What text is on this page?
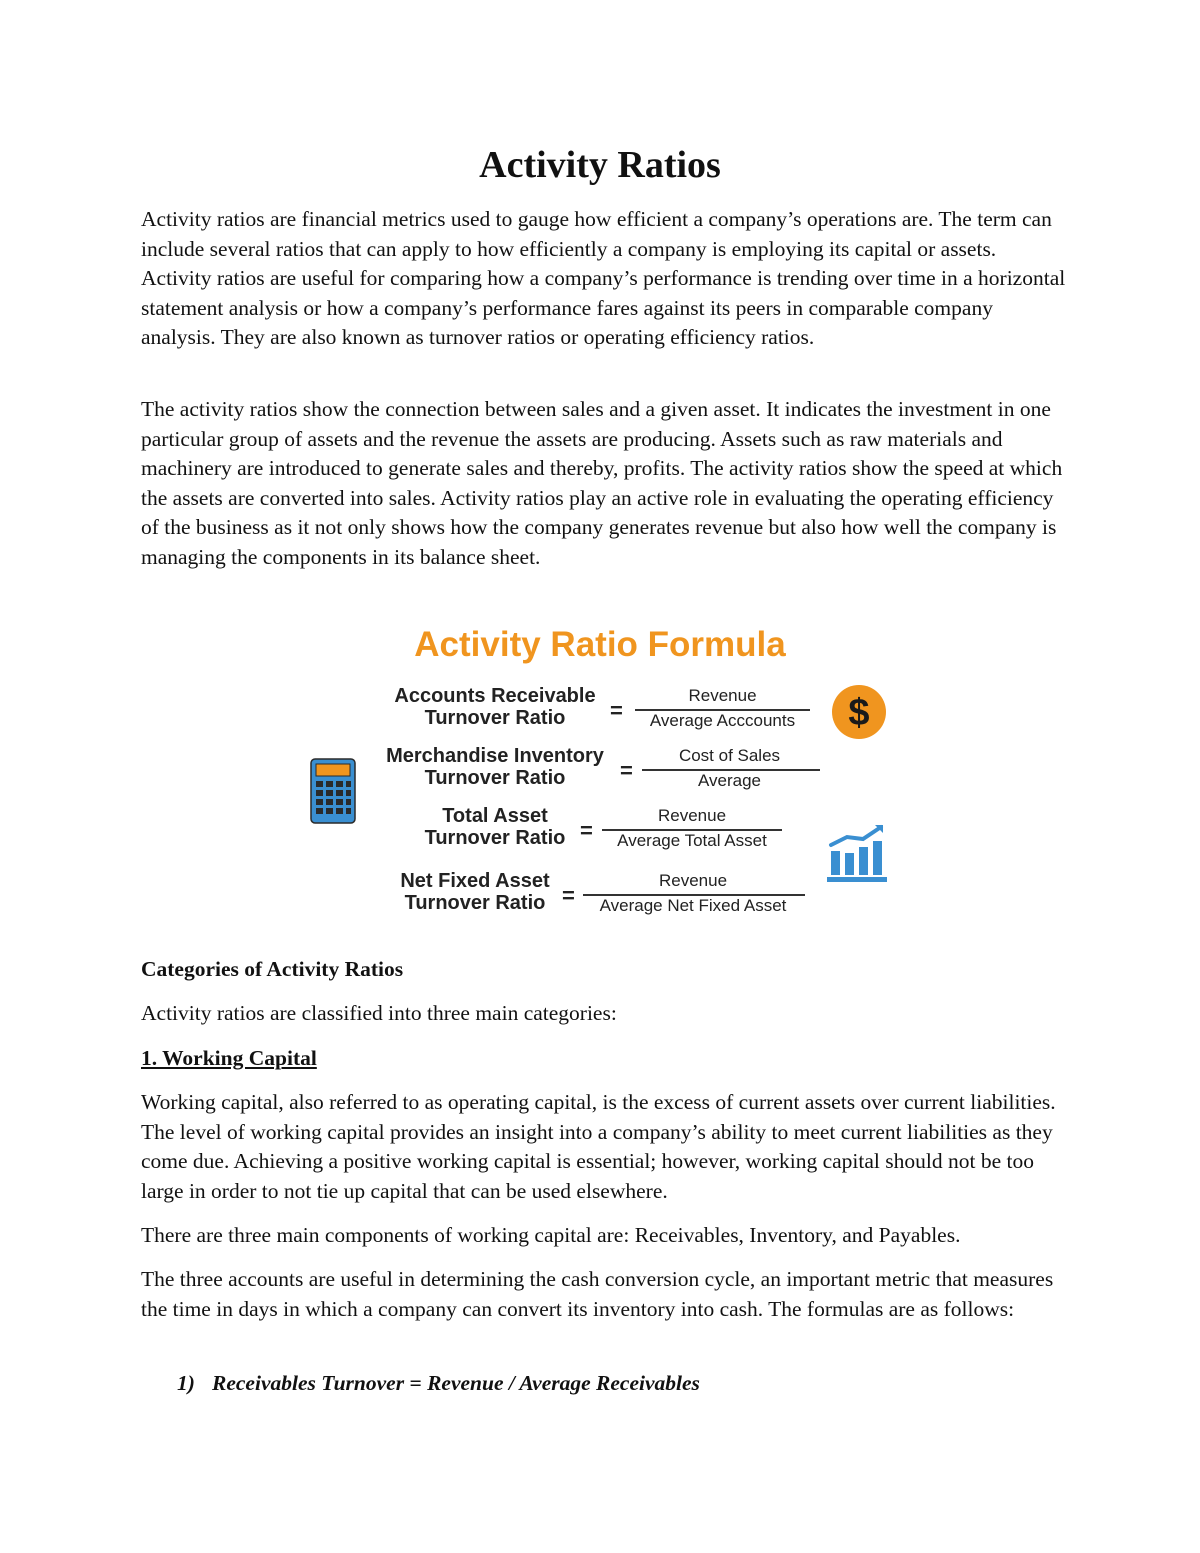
Activity Ratios

Activity ratios are financial metrics used to gauge how efficient a company’s operations are. The term can include several ratios that can apply to how efficiently a company is employing its capital or assets. Activity ratios are useful for comparing how a company’s performance is trending over time in a horizontal statement analysis or how a company’s performance fares against its peers in comparable company analysis. They are also known as turnover ratios or operating efficiency ratios.

The activity ratios show the connection between sales and a given asset. It indicates the investment in one particular group of assets and the revenue the assets are producing. Assets such as raw materials and machinery are introduced to generate sales and thereby, profits. The activity ratios show the speed at which the assets are converted into sales. Activity ratios play an active role in evaluating the operating efficiency of the business as it not only shows how the company generates revenue but also how well the company is managing the components in its balance sheet.

Activity Ratio Formula
Accounts Receivable
Turnover Ratio	=
Revenue
Average Acccounts
Merchandise Inventory
Turnover Ratio	=
Cost of Sales
Average
Total Asset
Turnover Ratio =
Revenue
Average Total Asset
Net Fixed Asset
Turnover Ratio =
Revenue
Average Net Fixed Asset
$
Categories of Activity Ratios

Activity ratios are classified into three main categories:

1. Working Capital

Working capital, also referred to as operating capital, is the excess of current assets over current liabilities. The level of working capital provides an insight into a company’s ability to meet current liabilities as they come due. Achieving a positive working capital is essential; however, working capital should not be too large in order to not tie up capital that can be used elsewhere.

There are three main components of working capital are: Receivables, Inventory, and Payables.

The three accounts are useful in determining the cash conversion cycle, an important metric that measures the time in days in which a company can convert its inventory into cash. The formulas are as follows:

1) Receivables Turnover = Revenue / Average Receivables
